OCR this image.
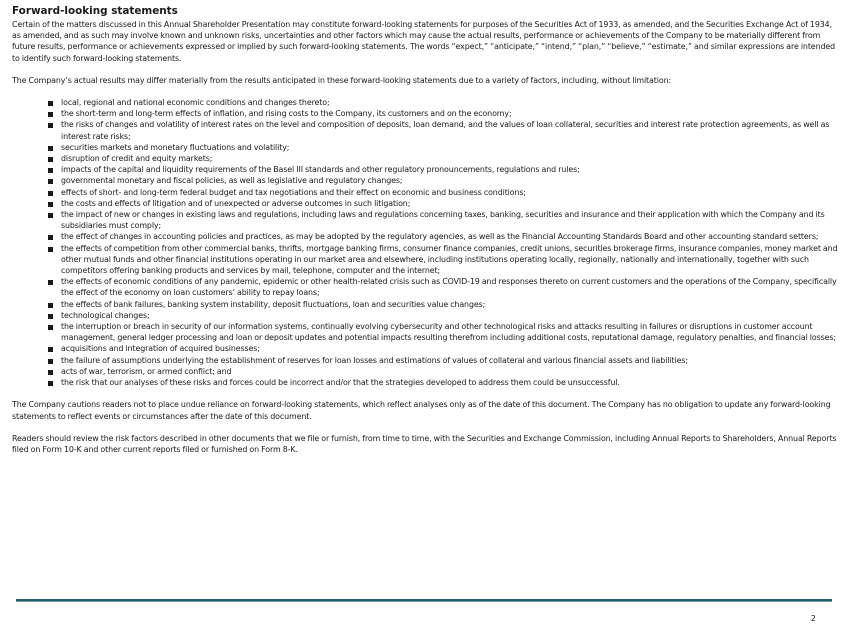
Forward-looking statements

Certain of the matters discussed in this Annual Shareholder Presentation may constitute forward-looking statements for purposes of the Securities Act of 1933, as amended, and the Securities Exchange Act of 1934, as amended, and as such may involve known and unknown risks, uncertainties and other factors which may cause the actual results, performance or achievements of the Company to be materially different from future results, performance or achievements expressed or implied by such forward-looking statements. The words “expect,” “anticipate,” “intend,” “plan,” “believe,” “estimate,” and similar expressions are intended to identify such forward-looking statements.

The Company’s actual results may differ materially from the results anticipated in these forward-looking statements due to a variety of factors, including, without limitation:

local, regional and national economic conditions and changes thereto;
the short-term and long-term effects of inflation, and rising costs to the Company, its customers and on the economy;
the risks of changes and volatility of interest rates on the level and composition of deposits, loan demand, and the values of loan collateral, securities and interest rate protection agreements, as well as interest rate risks;
securities markets and monetary fluctuations and volatility;
disruption of credit and equity markets;
impacts of the capital and liquidity requirements of the Basel III standards and other regulatory pronouncements, regulations and rules;
governmental monetary and fiscal policies, as well as legislative and regulatory changes;
effects of short- and long-term federal budget and tax negotiations and their effect on economic and business conditions;
the costs and effects of litigation and of unexpected or adverse outcomes in such litigation;
the impact of new or changes in existing laws and regulations, including laws and regulations concerning taxes, banking, securities and insurance and their application with which the Company and its subsidiaries must comply;
the effect of changes in accounting policies and practices, as may be adopted by the regulatory agencies, as well as the Financial Accounting Standards Board and other accounting standard setters;
the effects of competition from other commercial banks, thrifts, mortgage banking firms, consumer finance companies, credit unions, securities brokerage firms, insurance companies, money market and other mutual funds and other financial institutions operating in our market area and elsewhere, including institutions operating locally, regionally, nationally and internationally, together with such competitors offering banking products and services by mail, telephone, computer and the internet;
the effects of economic conditions of any pandemic, epidemic or other health-related crisis such as COVID-19 and responses thereto on current customers and the operations of the Company, specifically the effect of the economy on loan customers’ ability to repay loans;
the effects of bank failures, banking system instability, deposit fluctuations, loan and securities value changes;
technological changes;
the interruption or breach in security of our information systems, continually evolving cybersecurity and other technological risks and attacks resulting in failures or disruptions in customer account management, general ledger processing and loan or deposit updates and potential impacts resulting therefrom including additional costs, reputational damage, regulatory penalties, and financial losses;
acquisitions and integration of acquired businesses;
the failure of assumptions underlying the establishment of reserves for loan losses and estimations of values of collateral and various financial assets and liabilities;
acts of war, terrorism, or armed conflict; and
the risk that our analyses of these risks and forces could be incorrect and/or that the strategies developed to address them could be unsuccessful.

The Company cautions readers not to place undue reliance on forward-looking statements, which reflect analyses only as of the date of this document. The Company has no obligation to update any forward-looking statements to reflect events or circumstances after the date of this document.

Readers should review the risk factors described in other documents that we file or furnish, from time to time, with the Securities and Exchange Commission, including Annual Reports to Shareholders, Annual Reports filed on Form 10-K and other current reports filed or furnished on Form 8-K.

2
